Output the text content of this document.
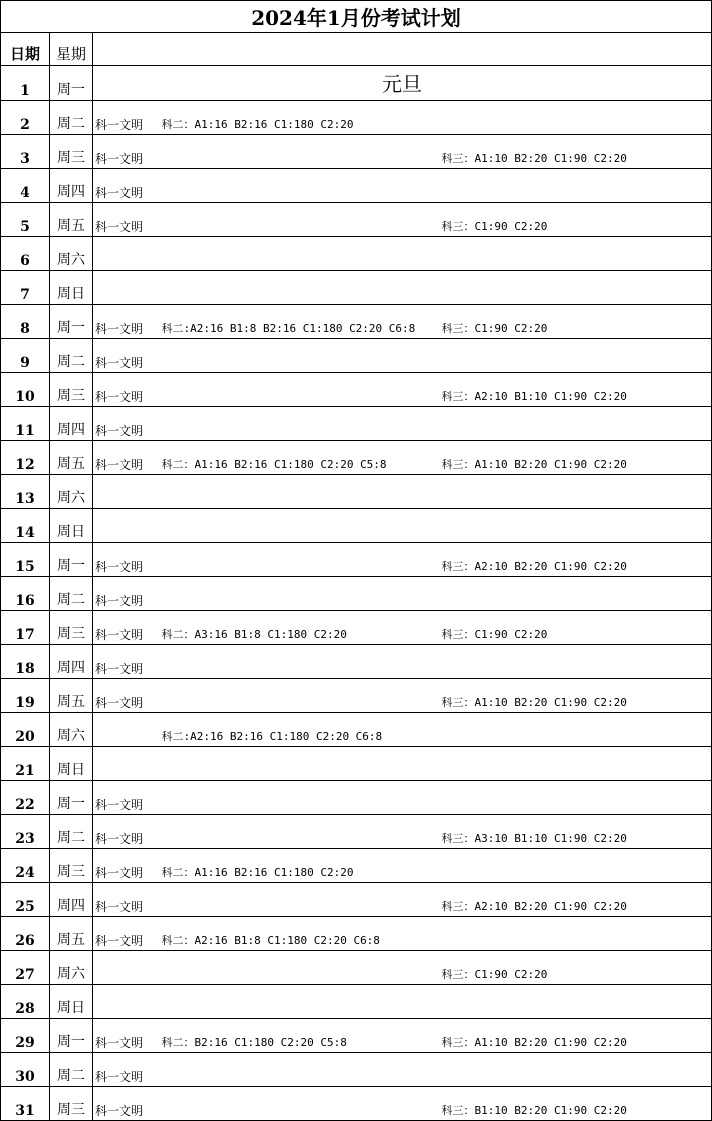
2024年1月份考试计划				
日期	星期			
1	周一	元旦		
2	周二	科一文明	科二：A1:16 B2:16 C1:180 C2:20	
3	周三	科一文明		科三：A1:10 B2:20 C1:90 C2:20
4	周四	科一文明		
5	周五	科一文明		科三：C1:90 C2:20
6	周六			
7	周日			
8	周一	科一文明	科二:A2:16 B1:8 B2:16 C1:180 C2:20 C6:8	科三：C1:90 C2:20
9	周二	科一文明		
10	周三	科一文明		科三：A2:10 B1:10 C1:90 C2:20
11	周四	科一文明		
12	周五	科一文明	科二：A1:16 B2:16 C1:180 C2:20 C5:8	科三：A1:10 B2:20 C1:90 C2:20
13	周六			
14	周日			
15	周一	科一文明		科三：A2:10 B2:20 C1:90 C2:20
16	周二	科一文明		
17	周三	科一文明	科二：A3:16 B1:8 C1:180 C2:20	科三：C1:90 C2:20
18	周四	科一文明		
19	周五	科一文明		科三：A1:10 B2:20 C1:90 C2:20
20	周六		科二:A2:16 B2:16 C1:180 C2:20 C6:8	
21	周日			
22	周一	科一文明		
23	周二	科一文明		科三：A3:10 B1:10 C1:90 C2:20
24	周三	科一文明	科二：A1:16 B2:16 C1:180 C2:20	
25	周四	科一文明		科三：A2:10 B2:20 C1:90 C2:20
26	周五	科一文明	科二：A2:16 B1:8 C1:180 C2:20 C6:8	
27	周六			科三：C1:90 C2:20
28	周日			
29	周一	科一文明	科二：B2:16 C1:180 C2:20 C5:8	科三：A1:10 B2:20 C1:90 C2:20
30	周二	科一文明		
31	周三	科一文明		科三：B1:10 B2:20 C1:90 C2:20
